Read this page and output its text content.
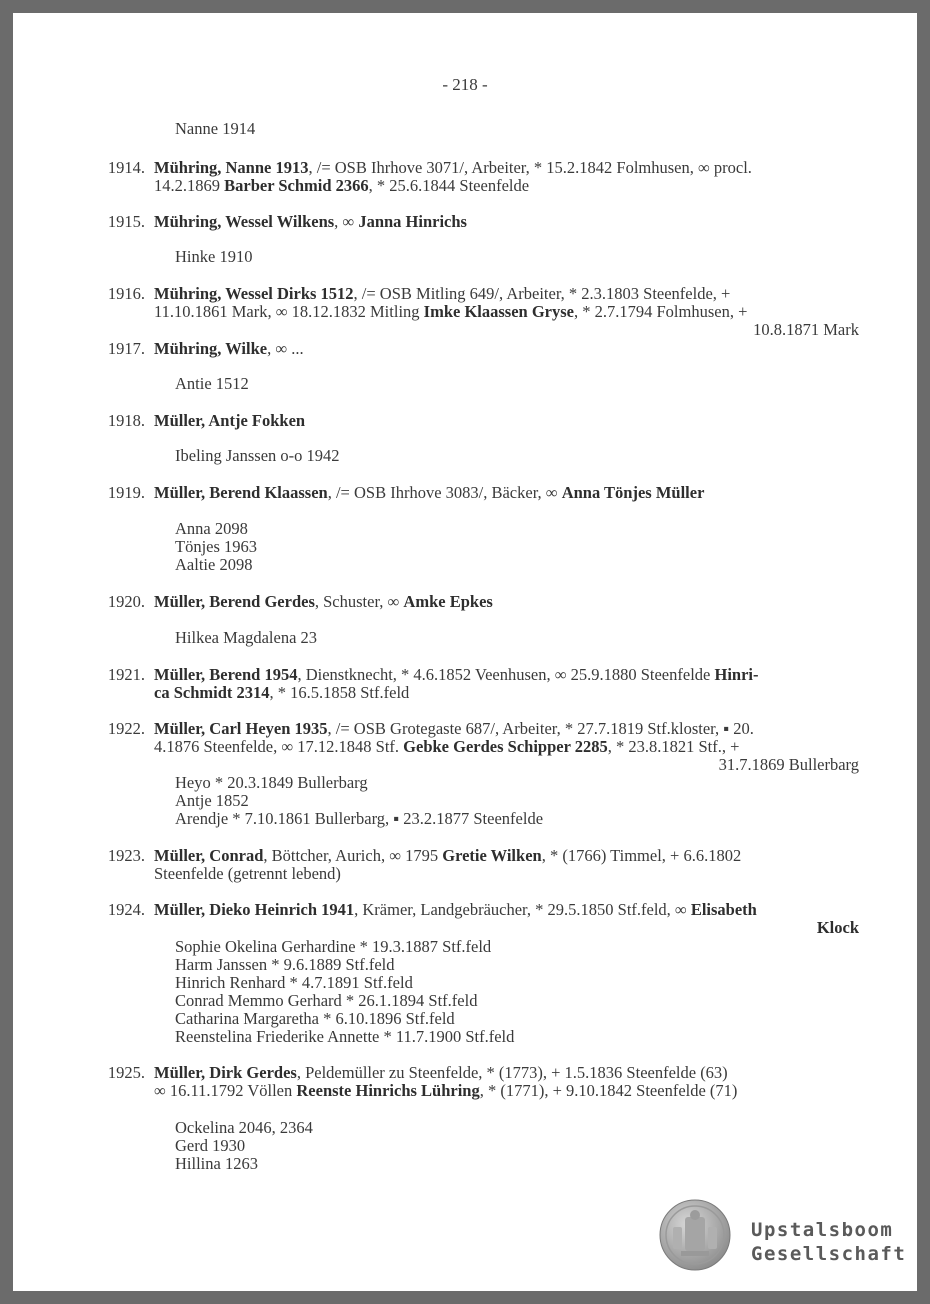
- 218 -
Nanne 1914
1914. Mühring, Nanne 1913, /= OSB Ihrhove 3071/, Arbeiter, * 15.2.1842 Folmhusen, ∞ procl.
14.2.1869 Barber Schmid 2366, * 25.6.1844 Steenfelde
1915. Mühring, Wessel Wilkens, ∞ Janna Hinrichs
Hinke 1910
1916. Mühring, Wessel Dirks 1512, /= OSB Mitling 649/, Arbeiter, * 2.3.1803 Steenfelde, +
11.10.1861 Mark, ∞ 18.12.1832 Mitling Imke Klaassen Gryse, * 2.7.1794 Folmhusen, +
10.8.1871 Mark
1917. Mühring, Wilke, ∞ ...
Antie 1512
1918. Müller, Antje Fokken
Ibeling Janssen o-o 1942
1919. Müller, Berend Klaassen, /= OSB Ihrhove 3083/, Bäcker, ∞ Anna Tönjes Müller
Anna 2098
Tönjes 1963
Aaltie 2098
1920. Müller, Berend Gerdes, Schuster, ∞ Amke Epkes
Hilkea Magdalena 23
1921. Müller, Berend 1954, Dienstknecht, * 4.6.1852 Veenhusen, ∞ 25.9.1880 Steenfelde Hinri-
ca Schmidt 2314, * 16.5.1858 Stf.feld
1922. Müller, Carl Heyen 1935, /= OSB Grotegaste 687/, Arbeiter, * 27.7.1819 Stf.kloster, ▪ 20.
4.1876 Steenfelde, ∞ 17.12.1848 Stf. Gebke Gerdes Schipper 2285, * 23.8.1821 Stf., +
31.7.1869 Bullerbarg
Heyo * 20.3.1849 Bullerbarg
Antje 1852
Arendje * 7.10.1861 Bullerbarg, ▪ 23.2.1877 Steenfelde
1923. Müller, Conrad, Böttcher, Aurich, ∞ 1795 Gretie Wilken, * (1766) Timmel, + 6.6.1802
Steenfelde (getrennt lebend)
1924. Müller, Dieko Heinrich 1941, Krämer, Landgebräucher, * 29.5.1850 Stf.feld, ∞ Elisabeth
Klock
Sophie Okelina Gerhardine * 19.3.1887 Stf.feld
Harm Janssen * 9.6.1889 Stf.feld
Hinrich Renhard * 4.7.1891 Stf.feld
Conrad Memmo Gerhard * 26.1.1894 Stf.feld
Catharina Margaretha * 6.10.1896 Stf.feld
Reenstelina Friederike Annette * 11.7.1900 Stf.feld
1925. Müller, Dirk Gerdes, Peldemüller zu Steenfelde, * (1773), + 1.5.1836 Steenfelde (63)
∞ 16.11.1792 Völlen Reenste Hinrichs Lühring, * (1771), + 9.10.1842 Steenfelde (71)
Ockelina 2046, 2364
Gerd 1930
Hillina 1263
Upstalsboom
Gesellschaft
